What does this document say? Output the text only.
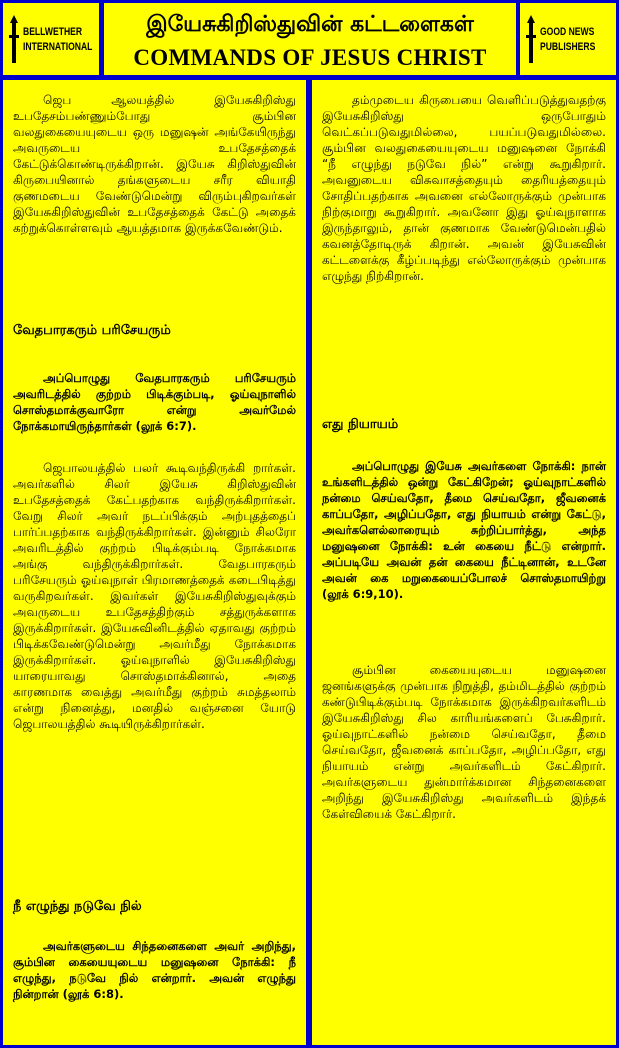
BELLWETHER
INTERNATIONAL
இயேசுகிறிஸ்துவின் கட்டளைகள்
COMMANDS OF JESUS CHRIST
GOOD NEWS
PUBLISHERS

ஜெப ஆலயத்தில் இயேசுகிறிஸ்து உபதேசம்பண்ணும்போது சூம்பின வலதுகையையுடைய ஒரு மனுஷன் அங்கேயிருந்து அவருடைய உபதேசத்தைக் கேட்டுக்கொண்டிருக்கிறான். இயேசு கிறிஸ்துவின் கிருபையினால் தங்களுடைய சரீர வியாதி குணமடைய வேண்டுமென்று விரும்புகிறவர்கள் இயேசுகிறிஸ்துவின் உபதேசத்தைக் கேட்டு அதைக் கற்றுக்கொள்ளவும் ஆயத்தமாக இருக்கவேண்டும்.

வேதபாரகரும் பரிசேயரும்

அப்பொழுது வேதபாரகரும் பரிசேயரும் அவரிடத்தில் குற்றம் பிடிக்கும்படி, ஓய்வுநாளில் சொஸ்தமாக்குவாரோ என்று அவர்மேல் நோக்கமாயிருந்தார்கள் (லூக் 6:7).

ஜெபாலயத்தில் பலர் கூடிவந்திருக்கி றார்கள். அவர்களில் சிலர் இயேசு கிறிஸ்துவின் உபதேசத்தைக் கேட்பதற்காக வந்திருக்கிறார்கள். வேறு சிலர் அவர் நடப்பிக்கும் அற்புதத்தைப் பார்ப்பதற்காக வந்திருக்கிறார்கள். இன்னும் சிலரோ அவரிடத்தில் குற்றம் பிடிக்கும்படி நோக்கமாக அங்கு வந்திருக்கிறார்கள். வேதபாரகரும் பரிசேயரும் ஓய்வுநாள் பிரமாணத்தைக் கடைபிடித்து வருகிறவர்கள். இவர்கள் இயேசுகிறிஸ்துவுக்கும் அவருடைய உபதேசத்திற்கும் சத்துருக்களாக இருக்கிறார்கள். இயேசுவினிடத்தில் ஏதாவது குற்றம் பிடிக்கவேண்டுமென்று அவர்மீது நோக்கமாக இருக்கிறார்கள். ஓய்வுநாளில் இயேசுகிறிஸ்து யாரையாவது சொஸ்தமாக்கினால், அதை காரணமாக வைத்து அவர்மீது குற்றம் சுமத்தலாம் என்று நினைத்து, மனதில் வஞ்சனை யோடு ஜெபாலயத்தில் கூடியிருக்கிறார்கள்.

நீ எழுந்து நடுவே நில்

அவர்களுடைய சிந்தனைகளை அவர் அறிந்து, சூம்பின கையையுடைய மனுஷனை நோக்கி: நீ எழுந்து, நடுவே நில் என்றார். அவன் எழுந்து நின்றான் (லூக் 6:8).

தம்முடைய கிருபையை வெளிப்படுத்துவதற்கு இயேசுகிறிஸ்து ஒருபோதும் வெட்கப்படுவதுமில்லை, பயப்படுவதுமில்லை. சூம்பின வலதுகையையுடைய மனுஷனை நோக்கி “நீ எழுந்து நடுவே நில்” என்று கூறுகிறார். அவனுடைய விசுவாசத்தையும் தைரியத்தையும் சோதிப்பதற்காக அவனை எல்லோருக்கும் முன்பாக நிற்குமாறு கூறுகிறார். அவனோ இது ஓய்வுநாளாக இருந்தாலும், தான் குணமாக வேண்டுமென்பதில் கவனத்தோடிருக் கிறான். அவன் இயேசுவின் கட்டளைக்கு கீழ்ப்படிந்து எல்லோருக்கும் முன்பாக எழுந்து நிற்கிறான்.

எது நியாயம்

அப்பொழுது இயேசு அவர்களை நோக்கி: நான் உங்களிடத்தில் ஒன்று கேட்கிறேன்; ஓய்வுநாட்களில் நன்மை செய்வதோ, தீமை செய்வதோ, ஜீவனைக் காப்பதோ, அழிப்பதோ, எது நியாயம் என்று கேட்டு, அவர்களெல்லாரையும் சுற்றிப்பார்த்து, அந்த மனுஷனை நோக்கி: உன் கையை நீட்டு என்றார். அப்படியே அவன் தன் கையை நீட்டினான், உடனே அவன் கை மறுகையைப்போலச் சொஸ்தமாயிற்று (லூக் 6:9,10).

சூம்பின கையையுடைய மனுஷனை ஜனங்களுக்கு முன்பாக நிறுத்தி, தம்மிடத்தில் குற்றம் கண்டுபிடிக்கும்படி நோக்கமாக இருக்கிறவர்களிடம் இயேசுகிறிஸ்து சில காரியங்களைப் பேசுகிறார். ஓய்வுநாட்களில் நன்மை செய்வதோ, தீமை செய்வதோ, ஜீவனைக் காப்பதோ, அழிப்பதோ, எது நியாயம் என்று அவர்களிடம் கேட்கிறார். அவர்களுடைய துன்மார்க்கமான சிந்தனைகளை அறிந்து இயேசுகிறிஸ்து அவர்களிடம் இந்தக் கேள்வியைக் கேட்கிறார்.
